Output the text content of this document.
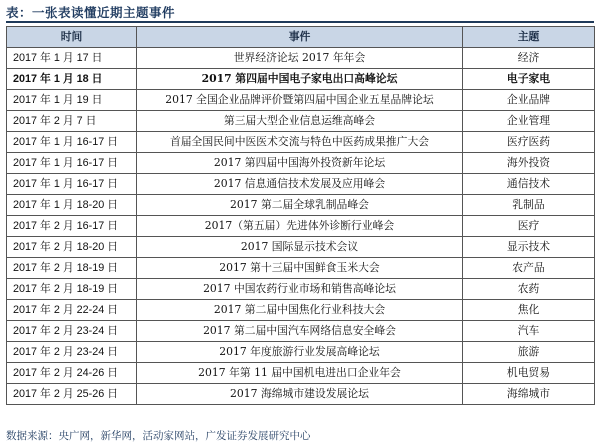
表：一张表读懂近期主题事件
时间	事件	主题
2017 年 1 月 17 日	世界经济论坛 2017 年年会	经济
2017 年 1 月 18 日	2017 第四届中国电子家电出口高峰论坛	电子家电
2017 年 1 月 19 日	2017 全国企业品牌评价暨第四届中国企业五星品牌论坛	企业品牌
2017 年 2 月 7 日	第三届大型企业信息运维高峰会	企业管理
2017 年 1 月 16-17 日	首届全国民间中医医术交流与特色中医药成果推广大会	医疗医药
2017 年 1 月 16-17 日	2017 第四届中国海外投资新年论坛	海外投资
2017 年 1 月 16-17 日	2017 信息通信技术发展及应用峰会	通信技术
2017 年 1 月 18-20 日	2017 第二届全球乳制品峰会	乳制品
2017 年 2 月 16-17 日	2017（第五届）先进体外诊断行业峰会	医疗
2017 年 2 月 18-20 日	2017 国际显示技术会议	显示技术
2017 年 2 月 18-19 日	2017 第十三届中国鲜食玉米大会	农产品
2017 年 2 月 18-19 日	2017 中国农药行业市场和销售高峰论坛	农药
2017 年 2 月 22-24 日	2017 第二届中国焦化行业科技大会	焦化
2017 年 2 月 23-24 日	2017 第二届中国汽车网络信息安全峰会	汽车
2017 年 2 月 23-24 日	2017 年度旅游行业发展高峰论坛	旅游
2017 年 2 月 24-26 日	2017 年第 11 届中国机电进出口企业年会	机电贸易
2017 年 2 月 25-26 日	2017 海绵城市建设发展论坛	海绵城市
数据来源：央广网，新华网，活动家网站，广发证券发展研究中心
